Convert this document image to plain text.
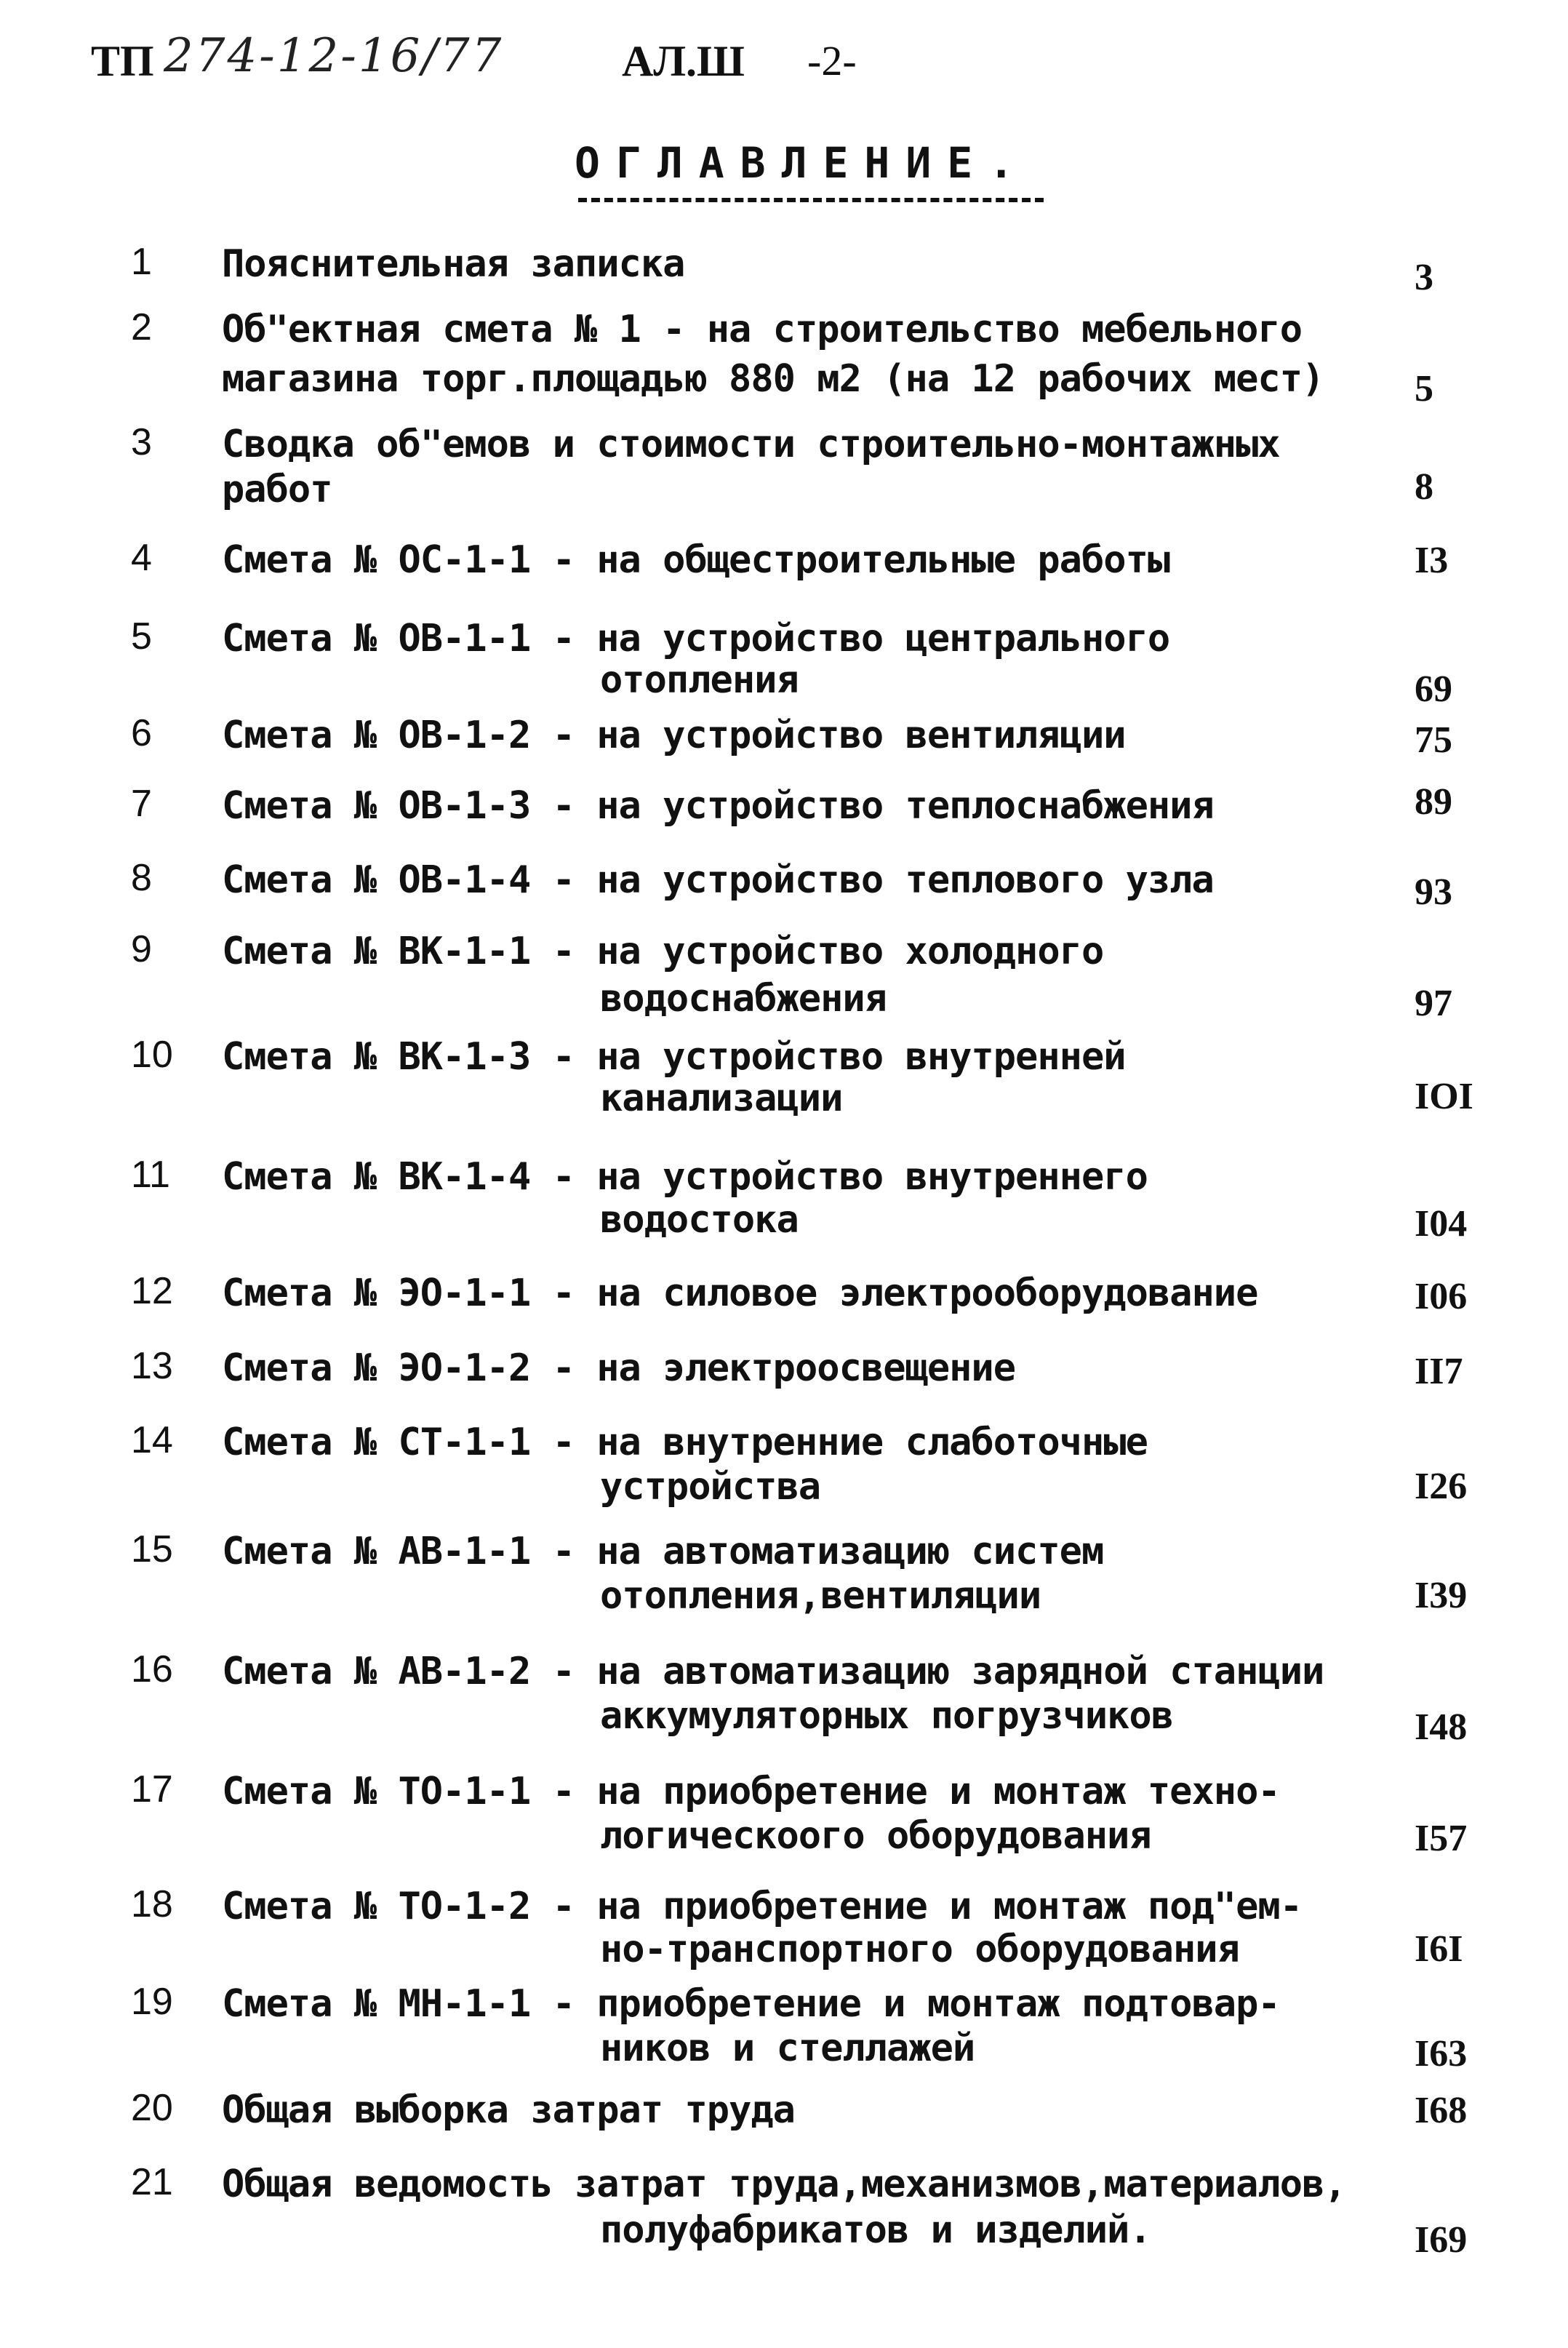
ТП 274-12-16/77	АЛ.Ш -2-
ОГЛАВЛЕНИЕ.
1 Пояснительная записка	3
2 Об"ектная смета № 1 - на строительство мебельного
магазина торг.площадью 880 м2 (на 12 рабочих мест) 5
3 Сводка об"емов и стоимости строительно-монтажных
работ	8
4 Смета № ОС-1-1 - на общестроительные работы	I3
5 Смета № ОВ-1-1 - на устройство центрального
отопления	69
6 Смета № ОВ-1-2 - на устройство вентиляции	75
7 Смета № ОВ-1-3 - на устройство теплоснабжения	89
8 Смета № ОВ-1-4 - на устройство теплового узла	93
9 Смета № ВК-1-1 - на устройство холодного
водоснабжения	97
10 Смета № ВК-1-3 - на устройство внутренней
канализации	IOI
11 Смета № ВК-1-4 - на устройство внутреннего
водостока	I04
12 Смета № ЭО-1-1 - на силовое электрооборудование	I06
13 Смета № ЭО-1-2 - на электроосвещение	II7
14 Смета № СТ-1-1 - на внутренние слаботочные
устройства	I26
15 Смета № АВ-1-1 - на автоматизацию систем
отопления,вентиляции	I39
16 Смета № АВ-1-2 - на автоматизацию зарядной станции
аккумуляторных погрузчиков	I48
17 Смета № ТО-1-1 - на приобретение и монтаж техно-
логическоого оборудования	I57
18 Смета № ТО-1-2 - на приобретение и монтаж под"ем-
но-транспортного оборудования	I6I
19 Смета № МН-1-1 - приобретение и монтаж подтовар-
ников и стеллажей	I63
20 Общая выборка затрат труда	I68
21 Общая ведомость затрат труда,механизмов,материалов,
полуфабрикатов и изделий.	I69
